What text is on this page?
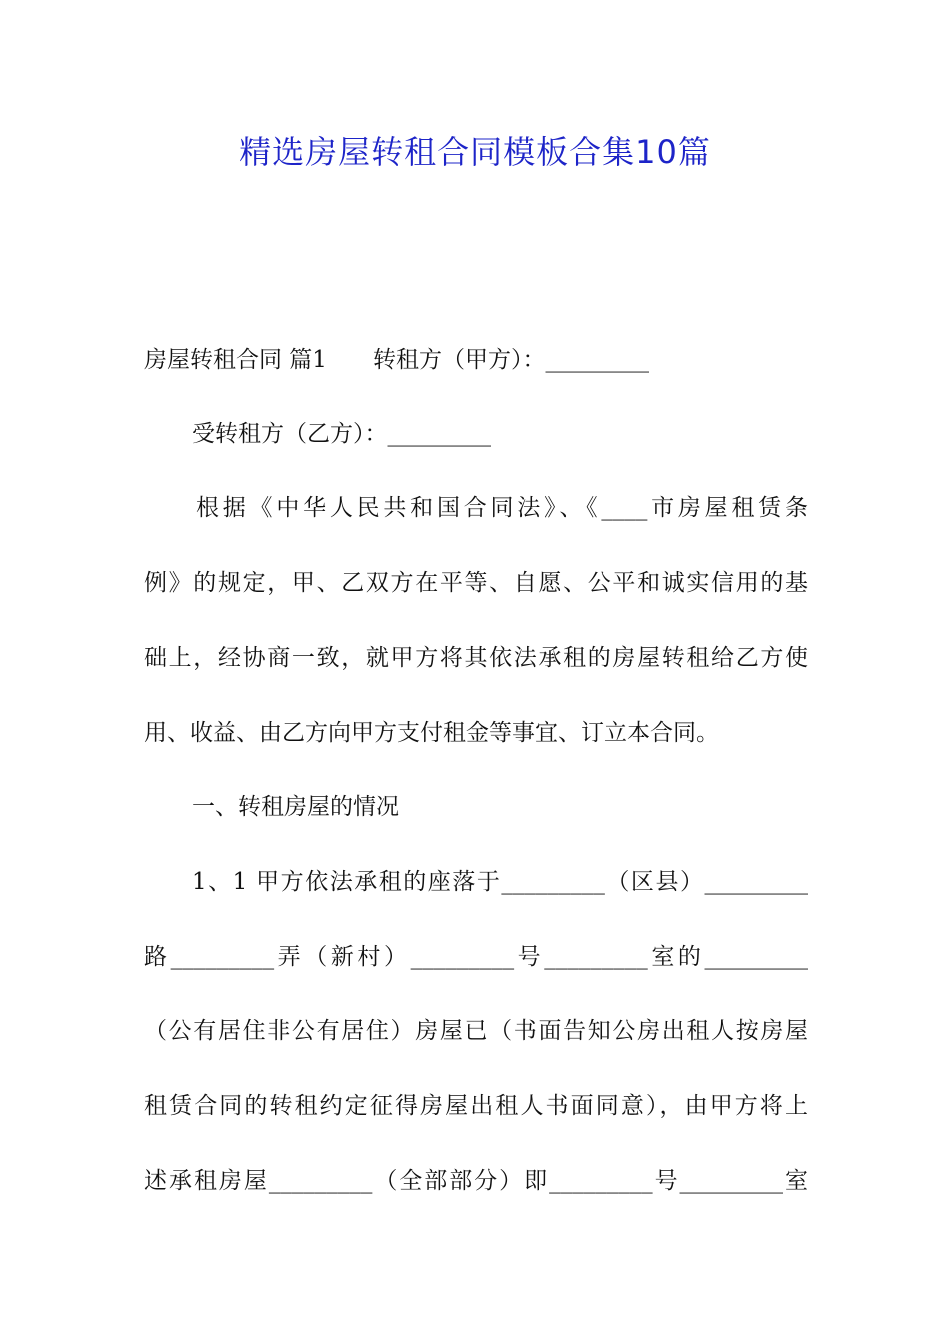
精选房屋转租合同模板合集10篇
房屋转租合同 篇1　　转租方（甲方）：_________
受转租方（乙方）：_________
根据《中华人民共和国合同法》、《____市房屋租赁条
例》的规定，甲、乙双方在平等、自愿、公平和诚实信用的基
础上，经协商一致，就甲方将其依法承租的房屋转租给乙方使
用、收益、由乙方向甲方支付租金等事宜、订立本合同。
一、转租房屋的情况
1、1 甲方依法承租的座落于_________（区县）_________
路_________弄（新村）_________号_________室的_________
（公有居住非公有居住）房屋已（书面告知公房出租人按房屋
租赁合同的转租约定征得房屋出租人书面同意），由甲方将上
述承租房屋_________（全部部分）即_________号_________室
